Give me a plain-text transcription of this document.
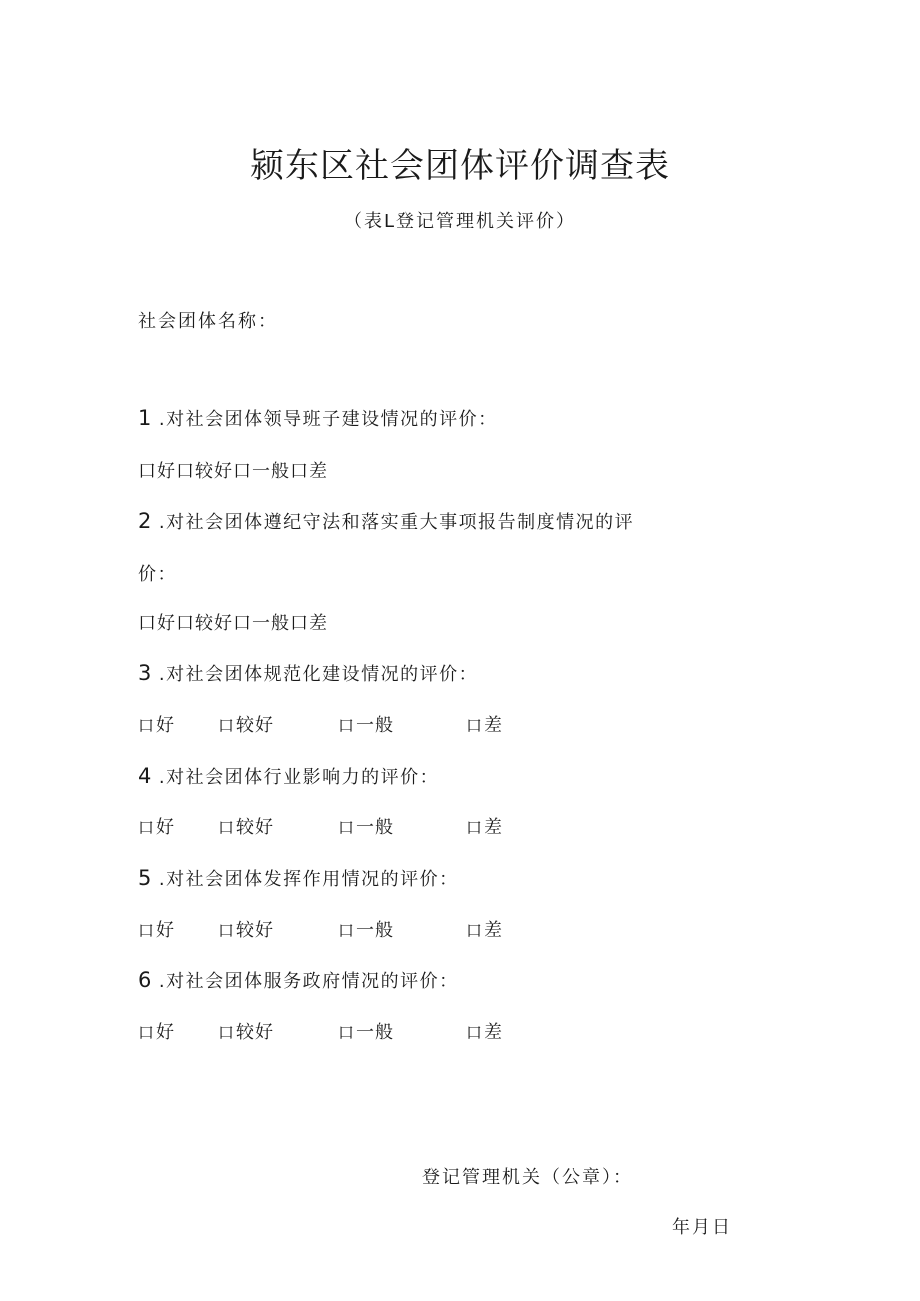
颍东区社会团体评价调查表
（表L登记管理机关评价）
社会团体名称：
1 .对社会团体领导班子建设情况的评价：
口好口较好口一般口差
2 .对社会团体遵纪守法和落实重大事项报告制度情况的评
价：
口好口较好口一般口差
3 .对社会团体规范化建设情况的评价：
口好	口较好	口一般	口差
4 .对社会团体行业影响力的评价：
口好	口较好	口一般	口差
5 .对社会团体发挥作用情况的评价：
口好	口较好	口一般	口差
6 .对社会团体服务政府情况的评价：
口好	口较好	口一般	口差
登记管理机关（公章）：
年月日
